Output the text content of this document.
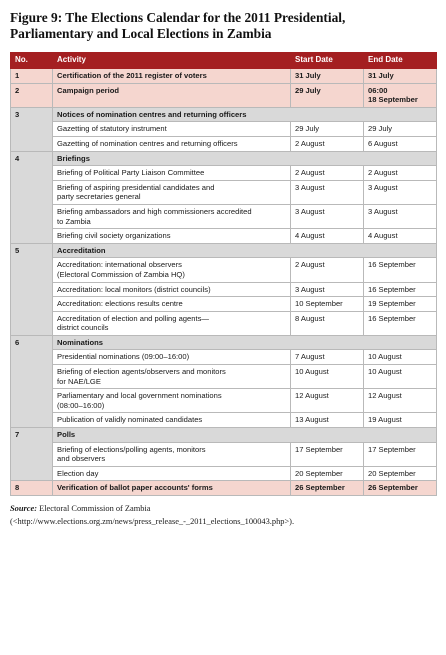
Figure 9: The Elections Calendar for the 2011 Presidential, Parliamentary and Local Elections in Zambia
No.	Activity	Start Date	End Date
1	Certification of the 2011 register of voters	31 July	31 July
2	Campaign period	29 July	06:00
18 September
3	Notices of nomination centres and returning officers		
	Gazetting of statutory instrument	29 July	29 July
	Gazetting of nomination centres and returning officers	2 August	6 August
4	Briefings		
	Briefing of Political Party Liaison Committee	2 August	2 August
	Briefing of aspiring presidential candidates and
party secretaries general	3 August	3 August
	Briefing ambassadors and high commissioners accredited
to Zambia	3 August	3 August
	Briefing civil society organizations	4 August	4 August
5	Accreditation		
	Accreditation: international observers
(Electoral Commission of Zambia HQ)	2 August	16 September
	Accreditation: local monitors (district councils)	3 August	16 September
	Accreditation: elections results centre	10 September	19 September
	Accreditation of election and polling agents—
district councils	8 August	16 September
6	Nominations		
	Presidential nominations (09:00–16:00)	7 August	10 August
	Briefing of election agents/observers and monitors
for NAE/LGE	10 August	10 August
	Parliamentary and local government nominations
(08:00–16:00)	12 August	12 August
	Publication of validly nominated candidates	13 August	19 August
7	Polls		
	Briefing of elections/polling agents, monitors
and observers	17 September	17 September
	Election day	20 September	20 September
8	Verification of ballot paper accounts' forms	26 September	26 September
Source: Electoral Commission of Zambia
(<http://www.elections.org.zm/news/press_release_-_2011_elections_100043.php>).
